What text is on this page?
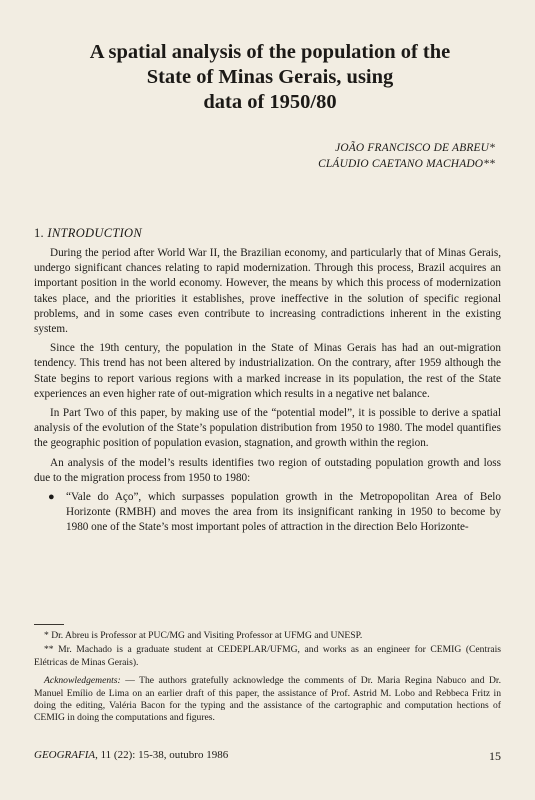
A spatial analysis of the population of the
State of Minas Gerais, using
data of 1950/80
JOÃO FRANCISCO DE ABREU*
CLÁUDIO CAETANO MACHADO**
1. INTRODUCTION

During the period after World War II, the Brazilian economy, and particularly that of Minas Gerais, undergo significant chances relating to rapid modernization. Through this process, Brazil acquires an important position in the world economy. However, the means by which this process of modernization takes place, and the priorities it establishes, prove ineffective in the solution of specific regional problems, and in some cases even contribute to increasing contradictions inherent in the existing system.

Since the 19th century, the population in the State of Minas Gerais has had an out-migration tendency. This trend has not been altered by industrialization. On the contrary, after 1959 although the State begins to report various regions with a marked increase in its population, the rest of the State experiences an even higher rate of out-migration which results in a negative net balance.

In Part Two of this paper, by making use of the “potential model”, it is possible to derive a spatial analysis of the evolution of the State’s population distribution from 1950 to 1980. The model quantifies the geographic position of population evasion, stagnation, and growth within the region.

An analysis of the model’s results identifies two region of outstading population growth and loss due to the migration process from 1950 to 1980:

●	“Vale do Aço”, which surpasses population growth in the Metropopolitan Area of Belo Horizonte (RMBH) and moves the area from its insignificant ranking in 1950 to become by 1980 one of the State’s most important poles of attraction in the direction Belo Horizonte-

* Dr. Abreu is Professor at PUC/MG and Visiting Professor at UFMG and UNESP.

** Mr. Machado is a graduate student at CEDEPLAR/UFMG, and works as an engineer for CEMIG (Centrais Elétricas de Minas Gerais).

Acknowledgements: — The authors gratefully acknowledge the comments of Dr. Maria Regina Nabuco and Dr. Manuel Emílio de Lima on an earlier draft of this paper, the assistance of Prof. Astrid M. Lobo and Rebbeca Fritz in doing the editing, Valéria Bacon for the typing and the assistance of the cartographic and computation hections of CEMIG in doing the computations and figures.

GEOGRAFIA, 11 (22): 15-38, outubro 1986	15
